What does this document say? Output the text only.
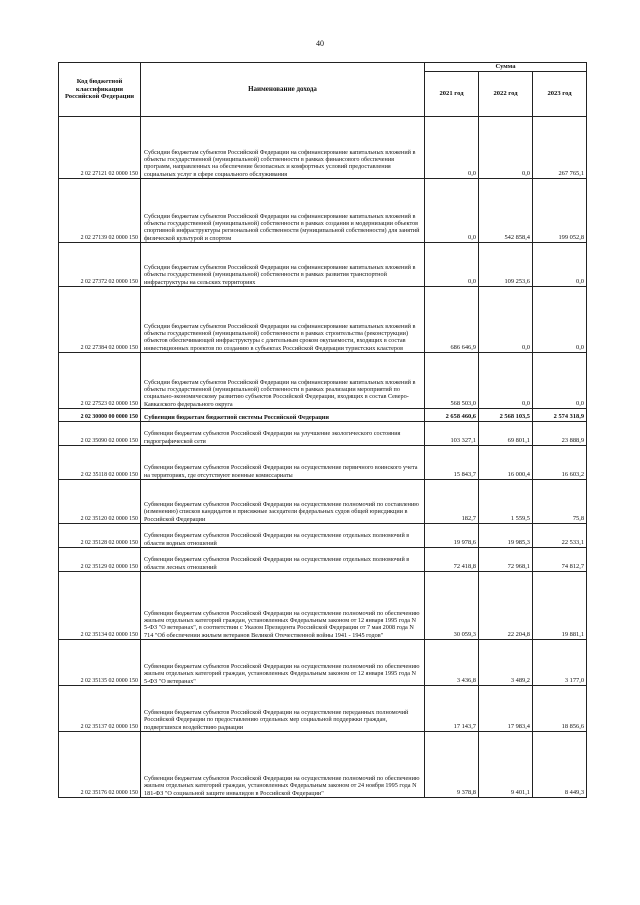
40
Код бюджетной классификации Российской Федерации	Наименование дохода	Сумма		
		2021 год	2022 год	2023 год
2 02 27121 02 0000 150	Субсидии бюджетам субъектов Российской Федерации на софинансирование капитальных вложений в объекты государственной (муниципальной) собственности в рамках финансового обеспечения программ, направленных на обеспечение безопасных и комфортных условий предоставления социальных услуг в сфере социального обслуживания	0,0	0,0	267 765,1
2 02 27139 02 0000 150	Субсидии бюджетам субъектов Российской Федерации на софинансирование капитальных вложений в объекты государственной (муниципальной) собственности в рамках создания и модернизации объектов спортивной инфраструктуры региональной собственности (муниципальной собственности) для занятий физической культурой и спортом	0,0	542 858,4	199 052,8
2 02 27372 02 0000 150	Субсидии бюджетам субъектов Российской Федерации на софинансирование капитальных вложений в объекты государственной (муниципальной) собственности в рамках развития транспортной инфраструктуры на сельских территориях	0,0	109 253,6	0,0
2 02 27384 02 0000 150	Субсидии бюджетам субъектов Российской Федерации на софинансирование капитальных вложений в объекты государственной (муниципальной) собственности в рамках строительства (реконструкции) объектов обеспечивающей инфраструктуры с длительным сроком окупаемости, входящих в состав инвестиционных проектов по созданию в субъектах Российской Федерации туристских кластеров	686 646,9	0,0	0,0
2 02 27523 02 0000 150	Субсидии бюджетам субъектов Российской Федерации на софинансирование капитальных вложений в объекты государственной (муниципальной) собственности в рамках реализации мероприятий по социально-экономическому развитию субъектов Российской Федерации, входящих в состав Северо-Кавказского федерального округа	568 503,0	0,0	0,0
2 02 30000 00 0000 150	Субвенции бюджетам бюджетной системы Российской Федерации	2 658 460,6	2 568 103,5	2 574 318,9
2 02 35090 02 0000 150	Субвенции бюджетам субъектов Российской Федерации на улучшение экологического состояния гидрографической сети	103 327,1	69 801,1	23 888,9
2 02 35118 02 0000 150	Субвенции бюджетам субъектов Российской Федерации на осуществление первичного воинского учета на территориях, где отсутствуют военные комиссариаты	15 843,7	16 000,4	16 603,2
2 02 35120 02 0000 150	Субвенции бюджетам субъектов Российской Федерации на осуществление полномочий по составлению (изменению) списков кандидатов в присяжные заседатели федеральных судов общей юрисдикции в Российской Федерации	182,7	1 559,5	75,8
2 02 35128 02 0000 150	Субвенции бюджетам субъектов Российской Федерации на осуществление отдельных полномочий в области водных отношений	19 978,6	19 985,3	22 533,1
2 02 35129 02 0000 150	Субвенции бюджетам субъектов Российской Федерации на осуществление отдельных полномочий в области лесных отношений	72 418,8	72 968,1	74 812,7
2 02 35134 02 0000 150	Субвенции бюджетам субъектов Российской Федерации на осуществление полномочий по обеспечению жильем отдельных категорий граждан, установленных Федеральным законом от 12 января 1995 года N 5-ФЗ "О ветеранах", в соответствии с Указом Президента Российской Федерации от 7 мая 2008 года N 714 "Об обеспечении жильем ветеранов Великой Отечественной войны 1941 - 1945 годов"	30 059,3	22 204,8	19 881,1
2 02 35135 02 0000 150	Субвенции бюджетам субъектов Российской Федерации на осуществление полномочий по обеспечению жильем отдельных категорий граждан, установленных Федеральным законом от 12 января 1995 года N 5-ФЗ "О ветеранах"	3 436,8	3 489,2	3 177,0
2 02 35137 02 0000 150	Субвенции бюджетам субъектов Российской Федерации на осуществление переданных полномочий Российской Федерации по предоставлению отдельных мер социальной поддержки граждан, подвергшихся воздействию радиации	17 143,7	17 983,4	18 856,6
2 02 35176 02 0000 150	Субвенции бюджетам субъектов Российской Федерации на осуществление полномочий по обеспечению жильем отдельных категорий граждан, установленных Федеральным законом от 24 ноября 1995 года N 181-ФЗ "О социальной защите инвалидов в Российской Федерации"	9 378,8	9 401,1	8 449,3
